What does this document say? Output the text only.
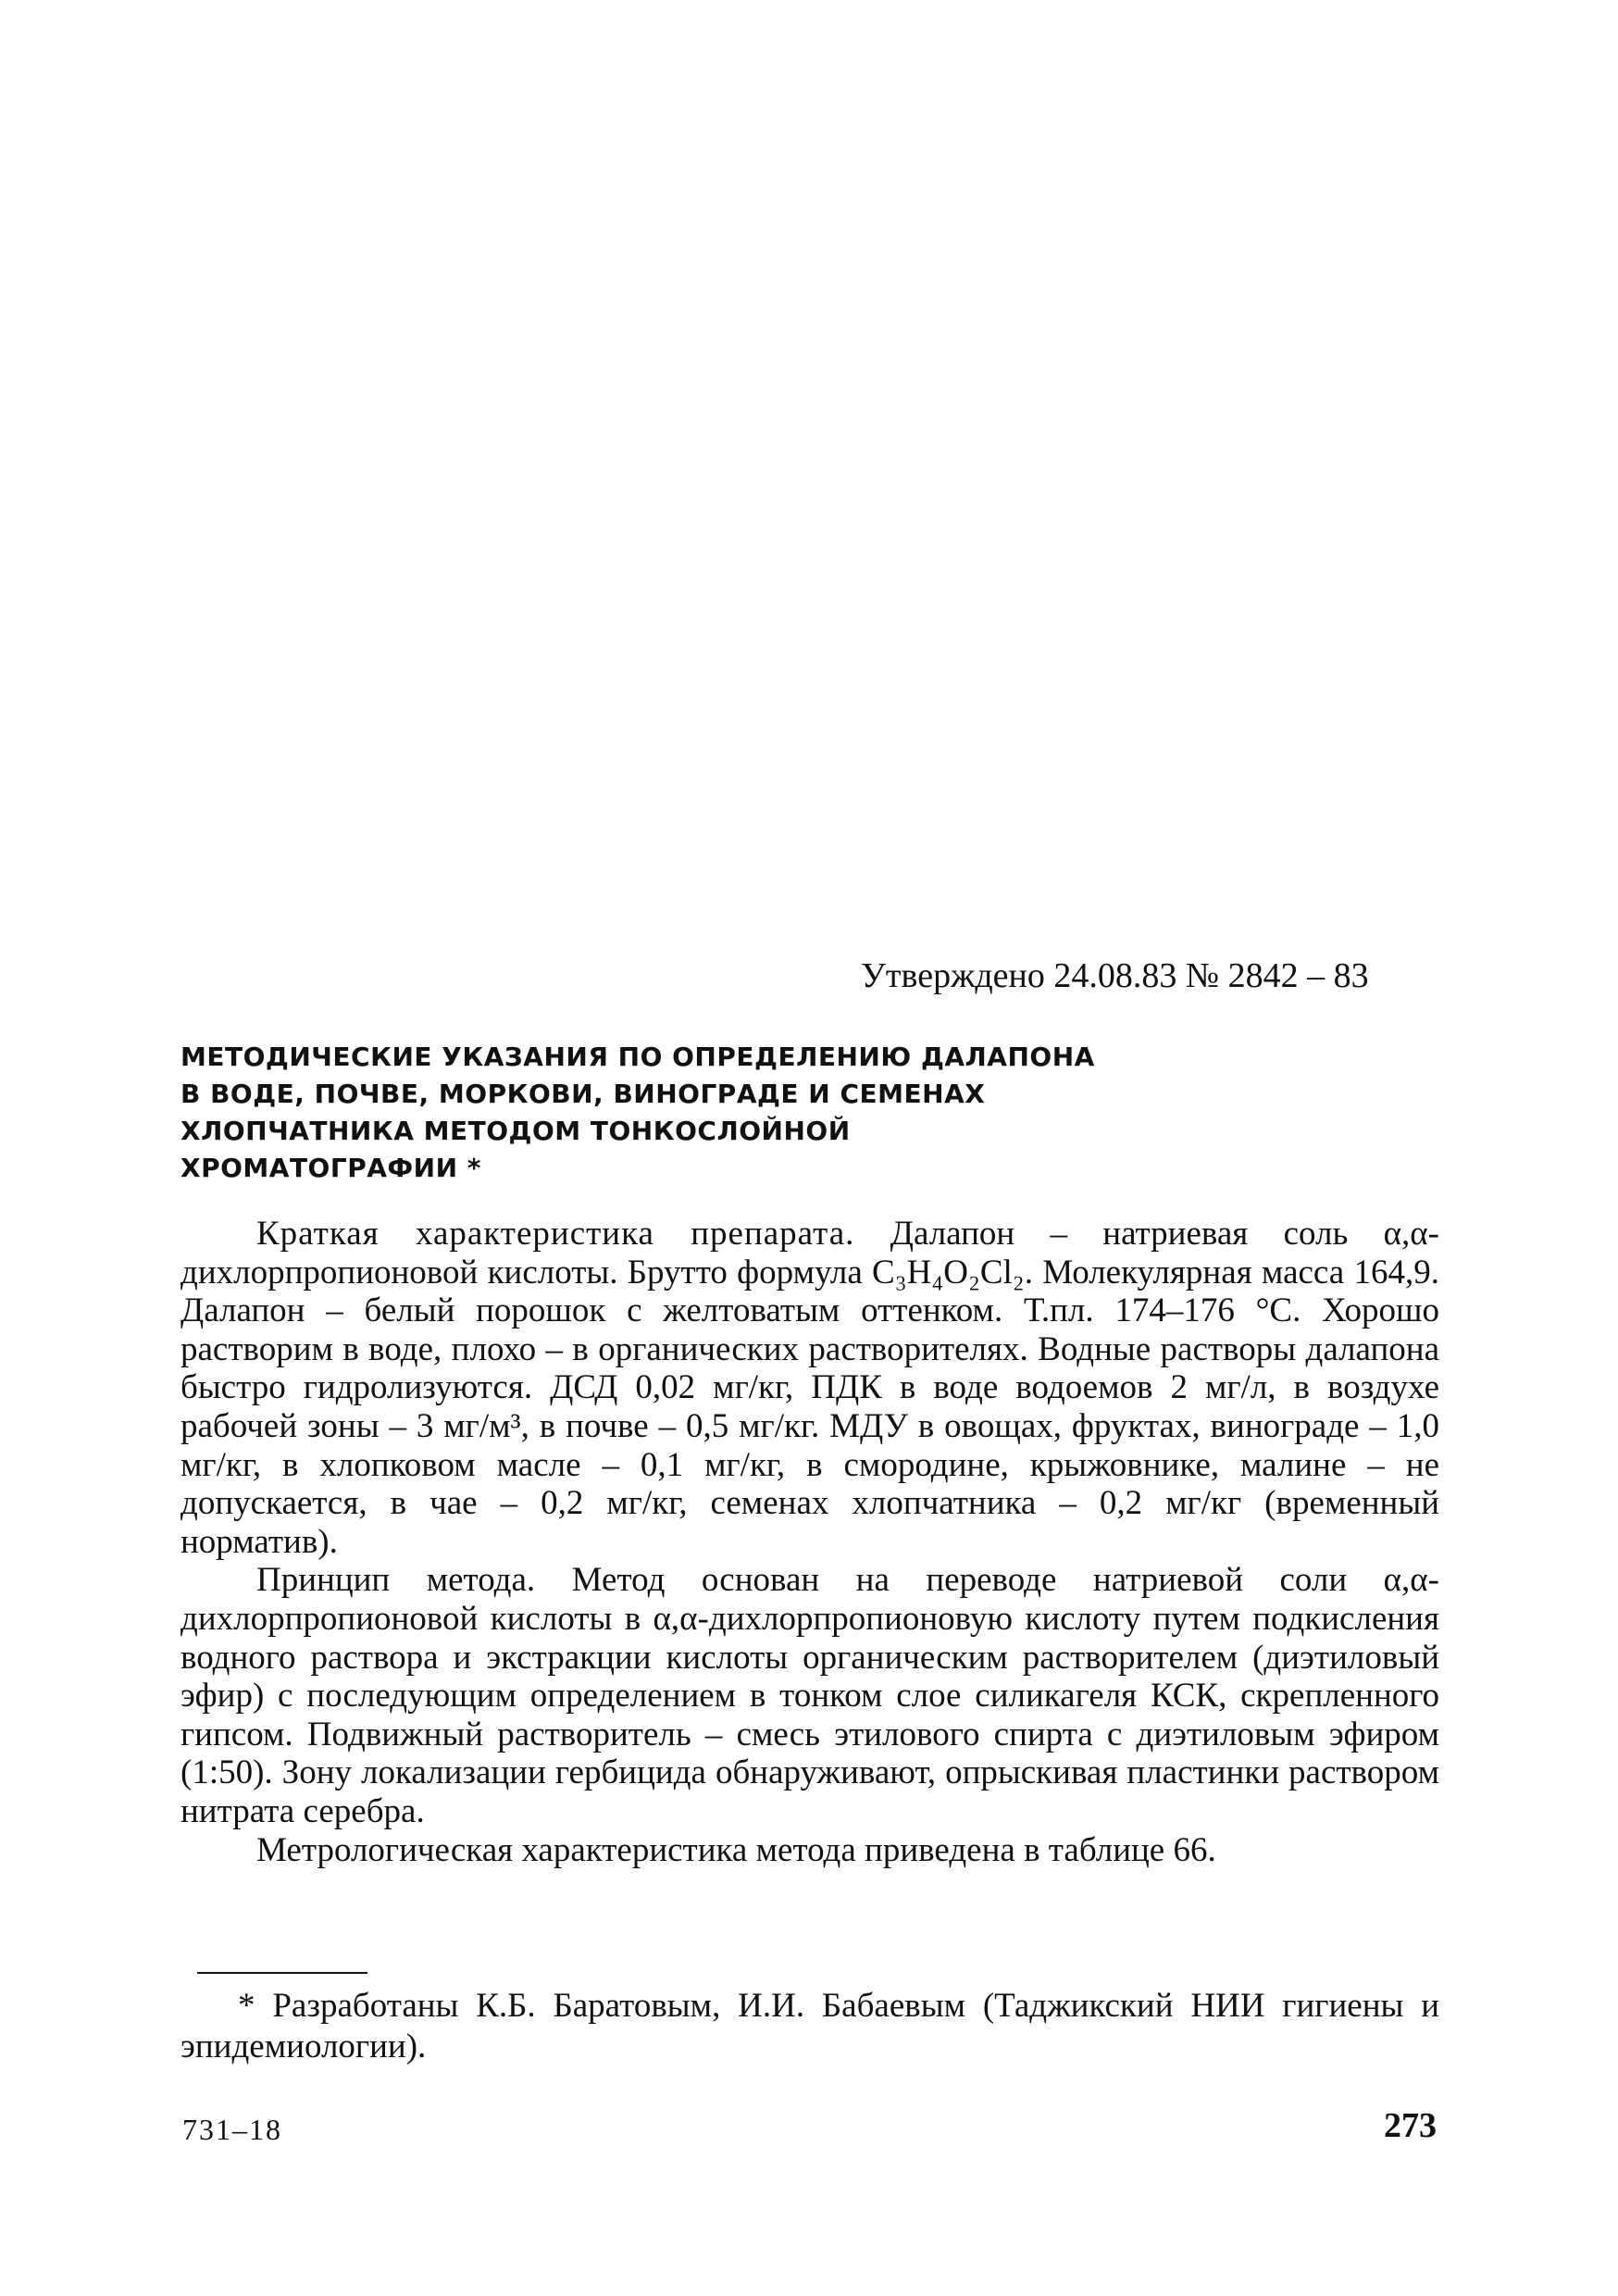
Утверждено 24.08.83 № 2842 – 83
МЕТОДИЧЕСКИЕ УКАЗАНИЯ ПО ОПРЕДЕЛЕНИЮ ДАЛАПОНА
В ВОДЕ, ПОЧВЕ, МОРКОВИ, ВИНОГРАДЕ И СЕМЕНАХ
ХЛОПЧАТНИКА МЕТОДОМ ТОНКОСЛОЙНОЙ
ХРОМАТОГРАФИИ *

Краткая характеристика препарата. Далапон – натриевая соль α,α-дихлорпропионовой кислоты. Брутто формула C₃H₄O₂Cl₂. Молекулярная масса 164,9. Далапон – белый порошок с желтоватым оттенком. Т.пл. 174–176 °С. Хорошо растворим в воде, плохо – в органических растворителях. Водные растворы далапона быстро гидролизуются. ДСД 0,02 мг/кг, ПДК в воде водоемов 2 мг/л, в воздухе рабочей зоны – 3 мг/м³, в почве – 0,5 мг/кг. МДУ в овощах, фруктах, винограде – 1,0 мг/кг, в хлопковом масле – 0,1 мг/кг, в смородине, крыжовнике, малине – не допускается, в чае – 0,2 мг/кг, семенах хлопчатника – 0,2 мг/кг (временный норматив).

Принцип метода. Метод основан на переводе натриевой соли α,α-дихлорпропионовой кислоты в α,α-дихлорпропионовую кислоту путем подкисления водного раствора и экстракции кислоты органическим растворителем (диэтиловый эфир) с последующим определением в тонком слое силикагеля КСК, скрепленного гипсом. Подвижный растворитель – смесь этилового спирта с диэтиловым эфиром (1:50). Зону локализации гербицида обнаруживают, опрыскивая пластинки раствором нитрата серебра.

Метрологическая характеристика метода приведена в таблице 66.

* Разработаны К.Б. Баратовым, И.И. Бабаевым (Таджикский НИИ гигиены и эпидемиологии).
731–18	273
